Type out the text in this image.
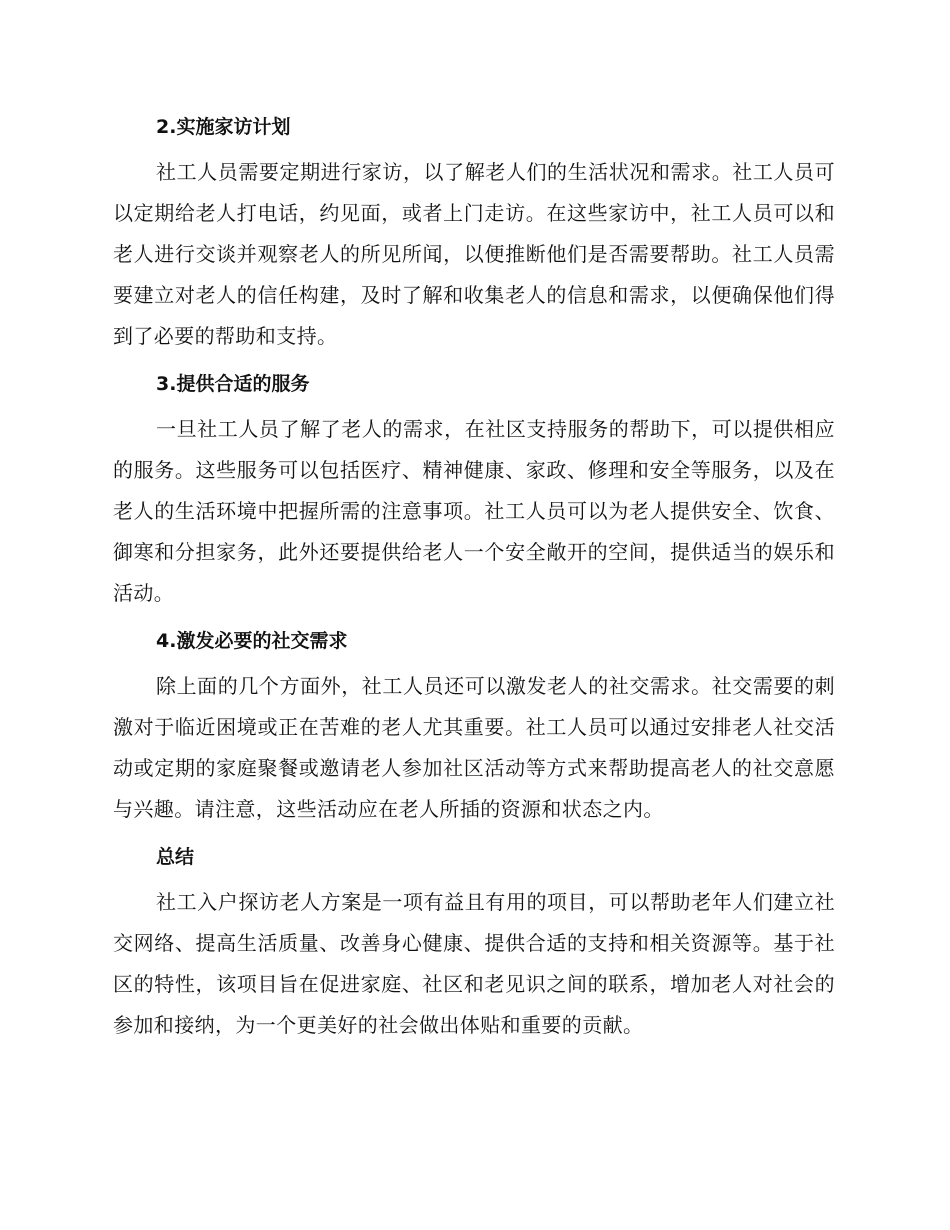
2.实施家访计划

社工人员需要定期进行家访，以了解老人们的生活状况和需求。社工人员可以定期给老人打电话，约见面，或者上门走访。在这些家访中，社工人员可以和老人进行交谈并观察老人的所见所闻，以便推断他们是否需要帮助。社工人员需要建立对老人的信任构建，及时了解和收集老人的信息和需求，以便确保他们得到了必要的帮助和支持。

3.提供合适的服务

一旦社工人员了解了老人的需求，在社区支持服务的帮助下，可以提供相应的服务。这些服务可以包括医疗、精神健康、家政、修理和安全等服务，以及在老人的生活环境中把握所需的注意事项。社工人员可以为老人提供安全、饮食、御寒和分担家务，此外还要提供给老人一个安全敞开的空间，提供适当的娱乐和活动。

4.激发必要的社交需求

除上面的几个方面外，社工人员还可以激发老人的社交需求。社交需要的刺激对于临近困境或正在苦难的老人尤其重要。社工人员可以通过安排老人社交活动或定期的家庭聚餐或邀请老人参加社区活动等方式来帮助提高老人的社交意愿与兴趣。请注意，这些活动应在老人所插的资源和状态之内。

总结

社工入户探访老人方案是一项有益且有用的项目，可以帮助老年人们建立社交网络、提高生活质量、改善身心健康、提供合适的支持和相关资源等。基于社区的特性，该项目旨在促进家庭、社区和老见识之间的联系，增加老人对社会的参加和接纳，为一个更美好的社会做出体贴和重要的贡献。
